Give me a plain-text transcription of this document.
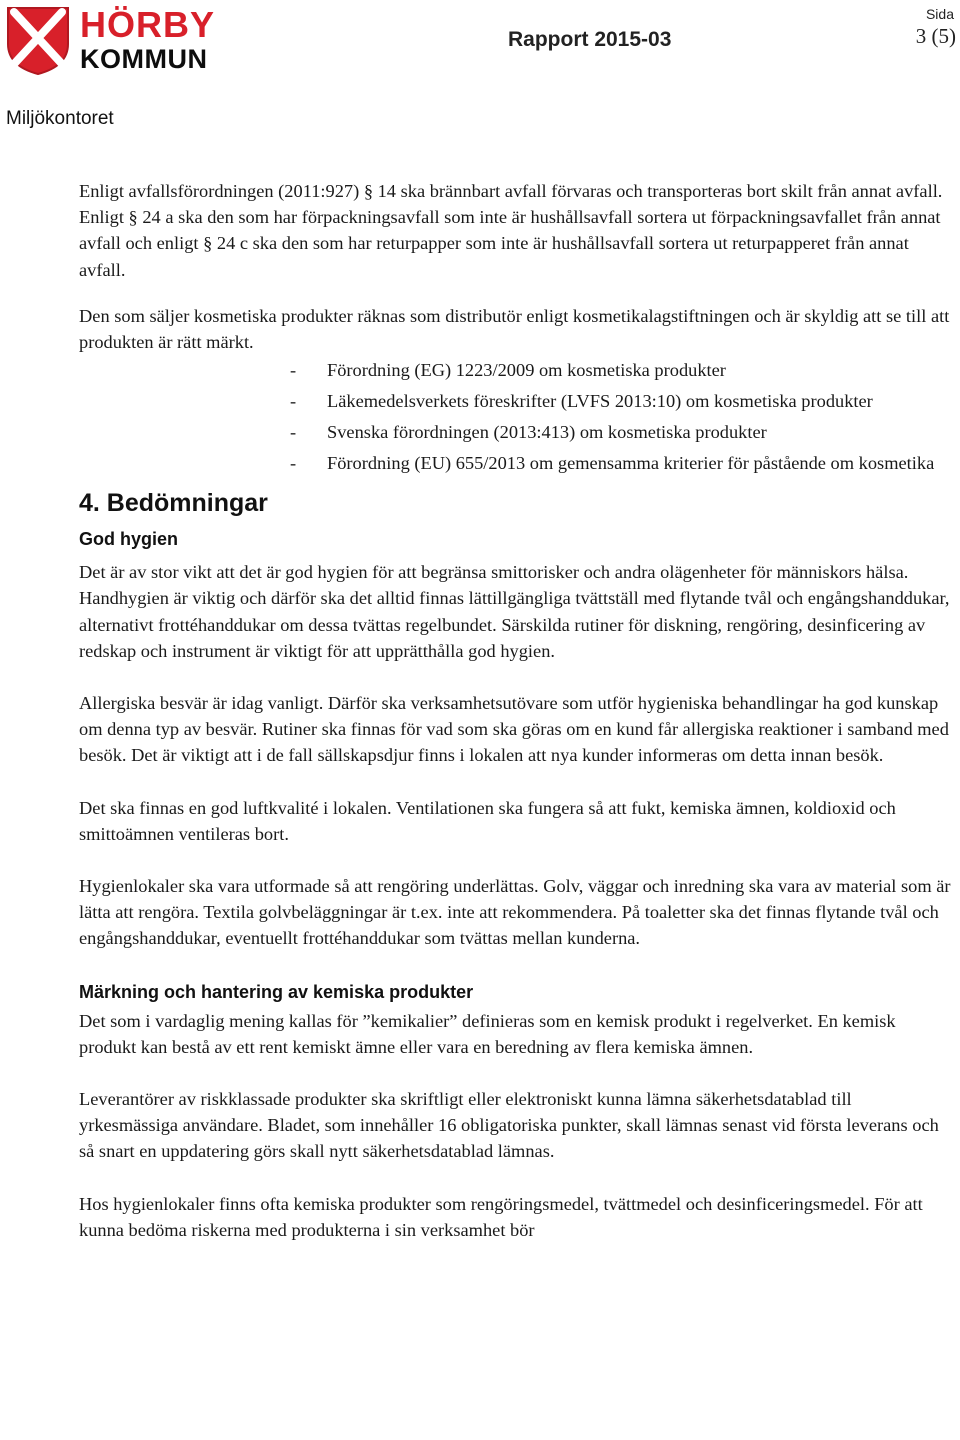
HÖRBY
KOMMUN
Rapport 2015-03
Sida
3 (5)
Miljökontoret

Enligt avfallsförordningen (2011:927) § 14 ska brännbart avfall förvaras och transporteras bort skilt från annat avfall. Enligt § 24 a ska den som har förpackningsavfall som inte är hushållsavfall sortera ut förpackningsavfallet från annat avfall och enligt § 24 c ska den som har returpapper som inte är hushållsavfall sortera ut returpapperet från annat avfall.

Den som säljer kosmetiska produkter räknas som distributör enligt kosmetikalagstiftningen och är skyldig att se till att produkten är rätt märkt.

- Förordning (EG) 1223/2009 om kosmetiska produkter
- Läkemedelsverkets föreskrifter (LVFS 2013:10) om kosmetiska produkter
- Svenska förordningen (2013:413) om kosmetiska produkter
- Förordning (EU) 655/2013 om gemensamma kriterier för påstående om kosmetika
4. Bedömningar
God hygien

Det är av stor vikt att det är god hygien för att begränsa smittorisker och andra olägenheter för människors hälsa. Handhygien är viktig och därför ska det alltid finnas lättillgängliga tvättställ med flytande tvål och engångshanddukar, alternativt frottéhanddukar om dessa tvättas regelbundet. Särskilda rutiner för diskning, rengöring, desinficering av redskap och instrument är viktigt för att upprätthålla god hygien.

Allergiska besvär är idag vanligt. Därför ska verksamhetsutövare som utför hygieniska behandlingar ha god kunskap om denna typ av besvär. Rutiner ska finnas för vad som ska göras om en kund får allergiska reaktioner i samband med besök. Det är viktigt att i de fall sällskapsdjur finns i lokalen att nya kunder informeras om detta innan besök.

Det ska finnas en god luftkvalité i lokalen. Ventilationen ska fungera så att fukt, kemiska ämnen, koldioxid och smittoämnen ventileras bort.

Hygienlokaler ska vara utformade så att rengöring underlättas. Golv, väggar och inredning ska vara av material som är lätta att rengöra. Textila golvbeläggningar är t.ex. inte att rekommendera. På toaletter ska det finnas flytande tvål och engångshanddukar, eventuellt frottéhanddukar som tvättas mellan kunderna.

Märkning och hantering av kemiska produkter

Det som i vardaglig mening kallas för ”kemikalier” definieras som en kemisk produkt i regelverket. En kemisk produkt kan bestå av ett rent kemiskt ämne eller vara en beredning av flera kemiska ämnen.

Leverantörer av riskklassade produkter ska skriftligt eller elektroniskt kunna lämna säkerhetsdatablad till yrkesmässiga användare. Bladet, som innehåller 16 obligatoriska punkter, skall lämnas senast vid första leverans och så snart en uppdatering görs skall nytt säkerhetsdatablad lämnas.

Hos hygienlokaler finns ofta kemiska produkter som rengöringsmedel, tvättmedel och desinficeringsmedel. För att kunna bedöma riskerna med produkterna i sin verksamhet bör
